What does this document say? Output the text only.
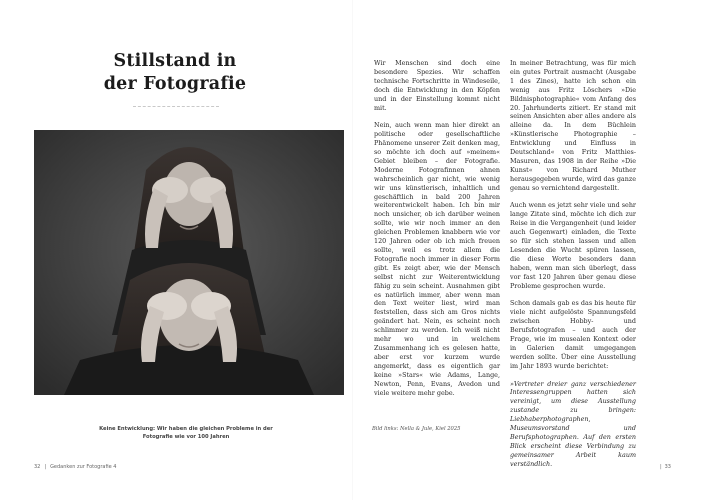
Stillstand in
der Fotografie

Keine Entwicklung: Wir haben die gleichen Probleme in der Fotografie wie vor 100 Jahren

32 | Gedanken zur Fotografie 4

Wir Menschen sind doch eine besondere Spezies. Wir schaffen technische Fortschritte in Windeseile, doch die Entwicklung in den Köpfen und in der Einstellung kommt nicht mit.

Nein, auch wenn man hier direkt an politische oder gesellschaftliche Phänomene unserer Zeit denken mag, so möchte ich doch auf »meinem« Gebiet bleiben – der Fotografie. Moderne Fotografinnen ahnen wahrscheinlich gar nicht, wie wenig wir uns künstlerisch, inhaltlich und geschäftlich in bald 200 Jahren weiterentwickelt haben. Ich bin mir noch unsicher, ob ich darüber weinen sollte, wie wir noch immer an den gleichen Problemen knabbern wie vor 120 Jahren oder ob ich mich freuen sollte, weil es trotz allem die Fotografie noch immer in dieser Form gibt. Es zeigt aber, wie der Mensch selbst nicht zur Weiterentwicklung fähig zu sein scheint. Ausnahmen gibt es natürlich immer, aber wenn man den Text weiter liest, wird man feststellen, dass sich am Gros nichts geändert hat. Nein, es scheint noch schlimmer zu werden. Ich weiß nicht mehr wo und in welchem Zusammenhang ich es gelesen hatte, aber erst vor kurzem wurde angemerkt, dass es eigentlich gar keine »Stars« wie Adams, Lange, Newton, Penn, Evans, Avedon und viele weitere mehr gebe.

In meiner Betrachtung, was für mich ein gutes Portrait ausmacht (Ausgabe 1 des Zines), hatte ich schon ein wenig aus Fritz Löschers »Die Bildnisphotographie« vom Anfang des 20. Jahrhunderts zitiert. Er stand mit seinen Ansichten aber alles andere als alleine da. In dem Büchlein »Künstlerische Photographie – Entwicklung und Einfluss in Deutschland« von Fritz Matthies-Masuren, das 1908 in der Reihe »Die Kunst« von Richard Muther herausgegeben wurde, wird das ganze genau so vernichtend dargestellt.

Auch wenn es jetzt sehr viele und sehr lange Zitate sind, möchte ich dich zur Reise in die Vergangenheit (und leider auch Gegenwart) einladen, die Texte so für sich stehen lassen und allen Lesenden die Wucht spüren lassen, die diese Worte besonders dann haben, wenn man sich überlegt, dass vor fast 120 Jahren über genau diese Probleme gesprochen wurde.

Schon damals gab es das bis heute für viele nicht aufgelöste Spannungsfeld zwischen Hobby- und Berufsfotografen – und auch der Frage, wie im musealen Kontext oder in Galerien damit umgegangen werden sollte. Über eine Ausstellung im Jahr 1893 wurde berichtet:

»Vertreter dreier ganz verschiedener Interessengruppen hatten sich vereinigt, um diese Ausstellung zustande zu bringen: Liebhaberphotographen, Museumsvorstand und Berufsphotographen. Auf den ersten Blick erscheint diese Verbindung zu gemeinsamer Arbeit kaum verständlich.

Bild links: Nella & Jule, Kiel 2025

| 33
